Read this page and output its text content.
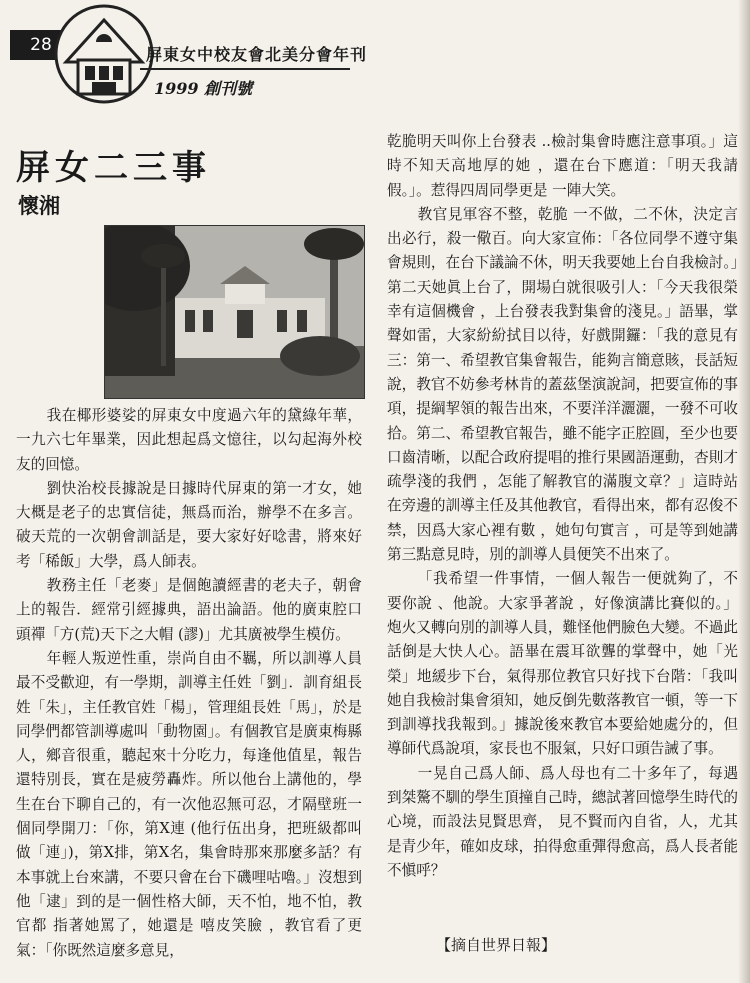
28	屏東女中校友會北美分會年刊
1999 創刊號
屏女二三事
懷湘

我在椰形婆娑的屏東女中度過六年的黛綠年華，一九六七年畢業，因此想起爲文憶往，以勾起海外校友的回憶。

劉快治校長據說是日據時代屏東的第一才女，她大概是老子的忠實信徒，無爲而治，辦學不在多言。破天荒的一次朝會訓話是，要大家好好唸書，將來好考「稀飯」大學，爲人師表。

教務主任「老麥」是個飽讀經書的老夫子，朝會上的報告．經常引經據典，語出論語。他的廣東腔口頭禪「方(荒)天下之大帽 (謬)」尤其廣被學生模仿。

年輕人叛逆性重，崇尚自由不羈，所以訓導人員最不受歡迎，有一學期，訓導主任姓「劉」．訓育組長姓「朱」，主任教官姓「楊」，管理組長姓「馬」，於是同學們都管訓導處叫「動物園」。有個教官是廣東梅縣人，鄉音很重，聽起來十分吃力，每逢他值星，報告還特別長，實在是疲勞轟炸。所以他台上講他的，學生在台下聊自己的，有一次他忍無可忍，才隔壁班一個同學開刀：「你，第X連 (他行伍出身，把班級都叫做「連」)，第X排，第X名，集會時那來那麼多話？有本事就上台來講，不要只會在台下磯哩咕嚕。」沒想到他「逮」到的是一個性格大師，天不怕，地不怕，教官都 指著她罵了，她還是 嘻皮笑臉 ，教官看了更氣：「你既然這麼多意見，

乾脆明天叫你上台發表 ..檢討集會時應注意事項。」這時不知天高地厚的她 ，還在台下應道：「明天我請假。」。惹得四周同學更是 一陣大笑。

教官見軍容不整，乾脆 一不做，二不休，決定言出必行，殺一儆百。向大家宣佈：「各位同學不遵守集會規則，在台下議論不休，明天我要她上台自我檢討。」第二天她眞上台了，開場白就很吸引人：「今天我很榮幸有這個機會 ，上台發表我對集會的淺見。」語畢，掌聲如雷，大家紛紛拭目以待，好戲開鑼：「我的意見有三：第一、希望教官集會報告，能夠言簡意賅，長話短說，教官不妨參考林肯的蓋茲堡演說詞，把要宣佈的事項，提綱挈領的報告出來，不要洋洋灑灑，一發不可收拾。第二、希望教官報告，雖不能字正腔圓，至少也要口齒清晰，以配合政府提唱的推行果國語運動，杏則才疏學淺的我們 ，怎能了解教官的滿腹文章？」這時站在旁邊的訓導主任及其他教官，看得出來，都有忍俊不禁，因爲大家心裡有數 ，她句句實言 ，可是等到她講第三點意見時，別的訓導人員便笑不出來了。

「我希望一件事情，一個人報告一便就夠了，不要你說 、他說。大家爭著說 ，好像演講比賽似的。」炮火又轉向別的訓導人員，難怪他們臉色大變。不過此話倒是大快人心。語畢在震耳欲聾的掌聲中，她「光榮」地緩步下台，氣得那位教官只好找下台階：「我叫她自我檢討集會須知，她反倒先數落教官一頓，等一下到訓導找我報到。」據說後來教官本要給她處分的，但導師代爲說項，家長也不服氣，只好口頭告誡了事。

一晃自己爲人師、爲人母也有二十多年了，每遇到桀驁不馴的學生頂撞自己時，總試著回憶學生時代的心境，而設法見賢思齊， 見不賢而內自省，人，尤其是青少年，確如皮球，拍得愈重彈得愈高，爲人長者能不愼呼？

【摘自世界日報】
